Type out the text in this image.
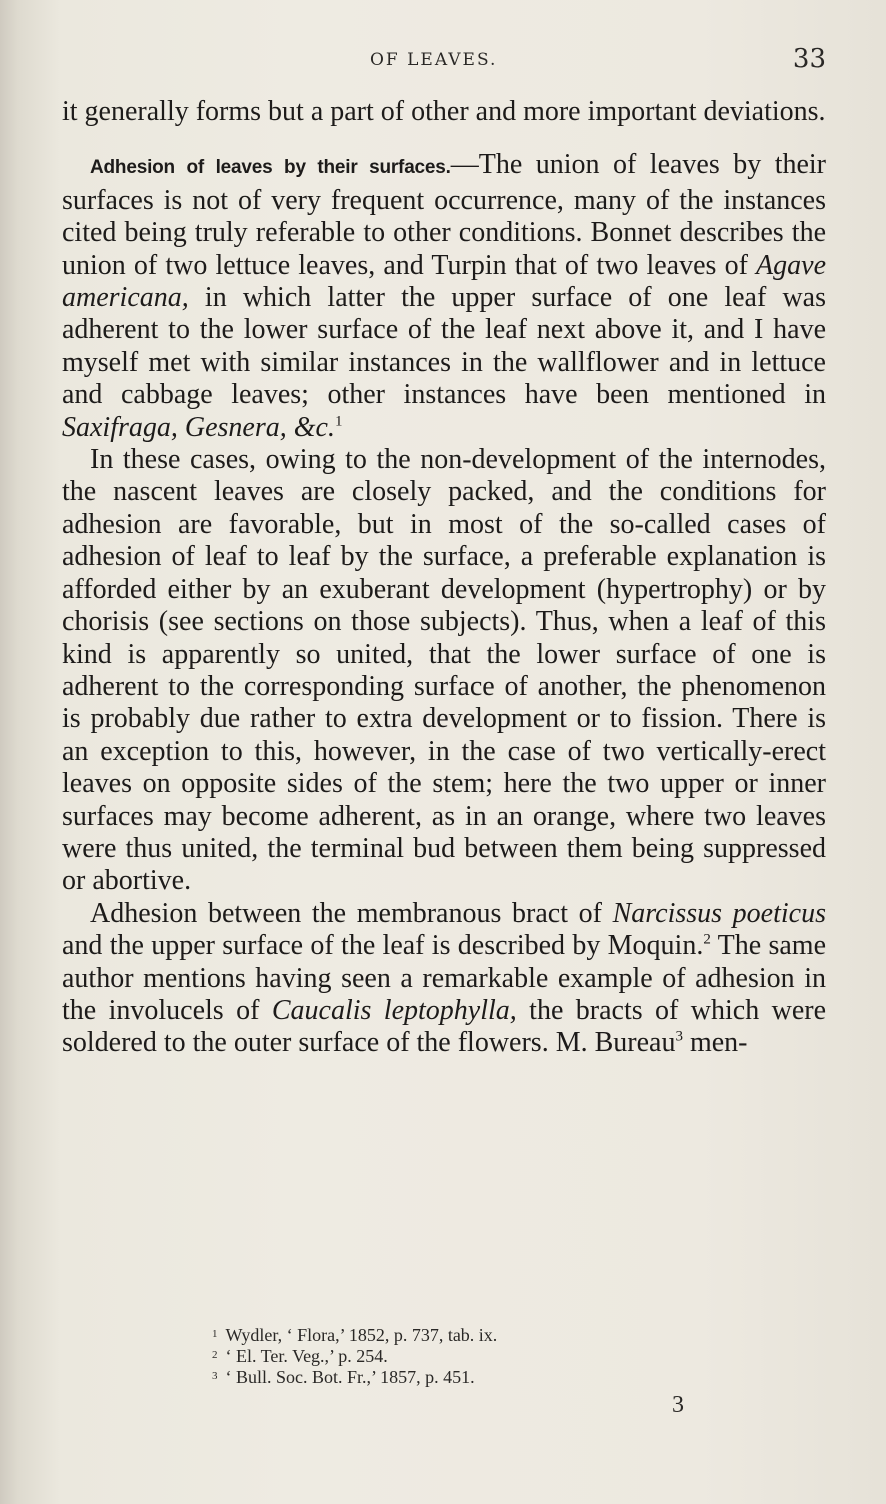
OF LEAVES.	33

it generally forms but a part of other and more important deviations.

Adhesion of leaves by their surfaces.—The union of leaves by their surfaces is not of very frequent occurrence, many of the instances cited being truly referable to other conditions. Bonnet describes the union of two lettuce leaves, and Turpin that of two leaves of Agave americana, in which latter the upper surface of one leaf was adherent to the lower surface of the leaf next above it, and I have myself met with similar instances in the wallflower and in lettuce and cabbage leaves; other instances have been mentioned in Saxifraga, Gesnera, &c.$^1$

In these cases, owing to the non-development of the internodes, the nascent leaves are closely packed, and the conditions for adhesion are favorable, but in most of the so-called cases of adhesion of leaf to leaf by the surface, a preferable explanation is afforded either by an exuberant development (hypertrophy) or by chorisis (see sections on those subjects). Thus, when a leaf of this kind is apparently so united, that the lower surface of one is adherent to the corresponding surface of another, the phenomenon is probably due rather to extra development or to fission. There is an exception to this, however, in the case of two vertically-erect leaves on opposite sides of the stem; here the two upper or inner surfaces may become adherent, as in an orange, where two leaves were thus united, the terminal bud between them being suppressed or abortive.

Adhesion between the membranous bract of Narcissus poeticus and the upper surface of the leaf is described by Moquin.$^2$ The same author mentions having seen a remarkable example of adhesion in the involucels of Caucalis leptophylla, the bracts of which were soldered to the outer surface of the flowers. M. Bureau$^3$ men-

$^1$ Wydler, ‘ Flora,’ 1852, p. 737, tab. ix.
$^2$ ‘ El. Ter. Veg.,’ p. 254.
$^3$ ‘ Bull. Soc. Bot. Fr.,’ 1857, p. 451.
3
